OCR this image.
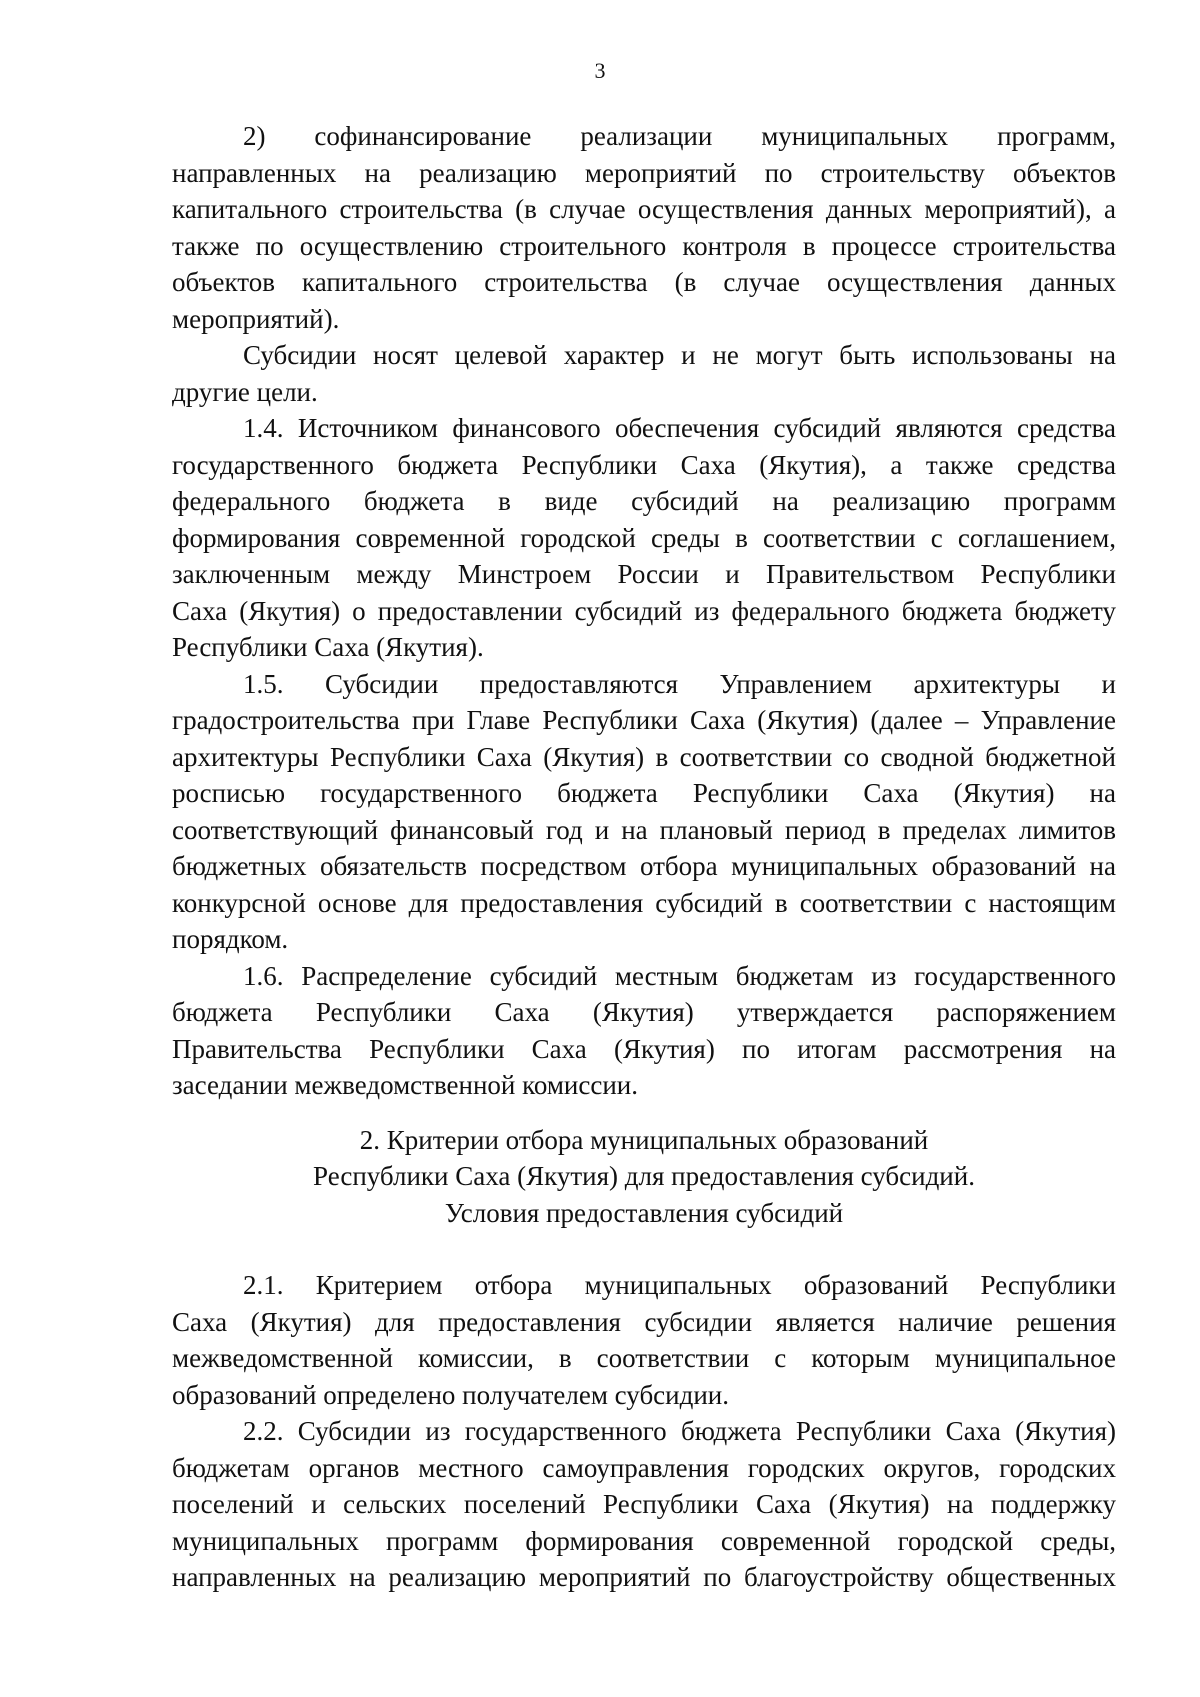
3
2) софинансирование реализации муниципальных программ,
направленных на реализацию мероприятий по строительству объектов
капитального строительства (в случае осуществления данных мероприятий), а
также по осуществлению строительного контроля в процессе строительства
объектов капитального строительства (в случае осуществления данных
мероприятий).
Субсидии носят целевой характер и не могут быть использованы на
другие цели.
1.4. Источником финансового обеспечения субсидий являются средства
государственного бюджета Республики Саха (Якутия), а также средства
федерального бюджета в виде субсидий на реализацию программ
формирования современной городской среды в соответствии с соглашением,
заключенным между Минстроем России и Правительством Республики
Саха (Якутия) о предоставлении субсидий из федерального бюджета бюджету
Республики Саха (Якутия).
1.5. Субсидии предоставляются Управлением архитектуры и
градостроительства при Главе Республики Саха (Якутия) (далее – Управление
архитектуры Республики Саха (Якутия) в соответствии со сводной бюджетной
росписью государственного бюджета Республики Саха (Якутия) на
соответствующий финансовый год и на плановый период в пределах лимитов
бюджетных обязательств посредством отбора муниципальных образований на
конкурсной основе для предоставления субсидий в соответствии с настоящим
порядком.
1.6. Распределение субсидий местным бюджетам из государственного
бюджета Республики Саха (Якутия) утверждается распоряжением
Правительства Республики Саха (Якутия) по итогам рассмотрения на
заседании межведомственной комиссии.
2. Критерии отбора муниципальных образований
Республики Саха (Якутия) для предоставления субсидий.
Условия предоставления субсидий
2.1. Критерием отбора муниципальных образований Республики
Саха (Якутия) для предоставления субсидии является наличие решения
межведомственной комиссии, в соответствии с которым муниципальное
образований определено получателем субсидии.
2.2. Субсидии из государственного бюджета Республики Саха (Якутия)
бюджетам органов местного самоуправления городских округов, городских
поселений и сельских поселений Республики Саха (Якутия) на поддержку
муниципальных программ формирования современной городской среды,
направленных на реализацию мероприятий по благоустройству общественных
